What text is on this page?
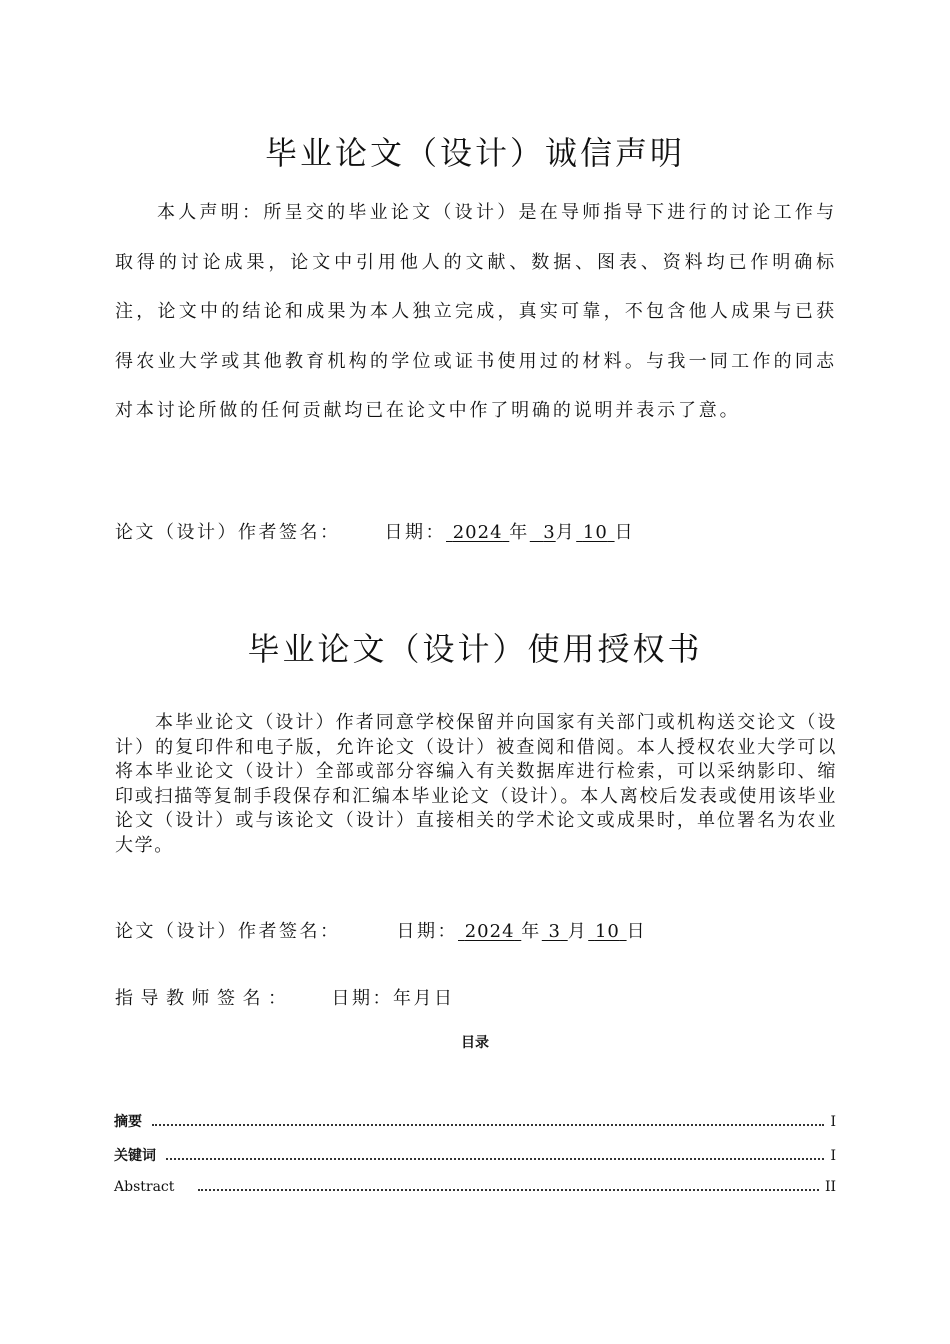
毕业论文（设计）诚信声明

本人声明：所呈交的毕业论文（设计）是在导师指导下进行的讨论工作与取得的讨论成果，论文中引用他人的文献、数据、图表、资料均已作明确标注，论文中的结论和成果为本人独立完成，真实可靠，不包含他人成果与已获得农业大学或其他教育机构的学位或证书使用过的材料。与我一同工作的同志对本讨论所做的任何贡献均已在论文中作了明确的说明并表示了意。

论文（设计）作者签名： 日期： 2024 年 3月 10 日
毕业论文（设计）使用授权书

本毕业论文（设计）作者同意学校保留并向国家有关部门或机构送交论文（设计）的复印件和电子版，允许论文（设计）被查阅和借阅。本人授权农业大学可以将本毕业论文（设计）全部或部分容编入有关数据库进行检索，可以采纳影印、缩印或扫描等复制手段保存和汇编本毕业论文（设计）。本人离校后发表或使用该毕业论文（设计）或与该论文（设计）直接相关的学术论文或成果时，单位署名为农业大学。

论文（设计）作者签名：	日期： 2024 年 3 月 10 日
指导教师签名： 日期：年月日
目录
摘要	I
关键词	I
Abstract	II
